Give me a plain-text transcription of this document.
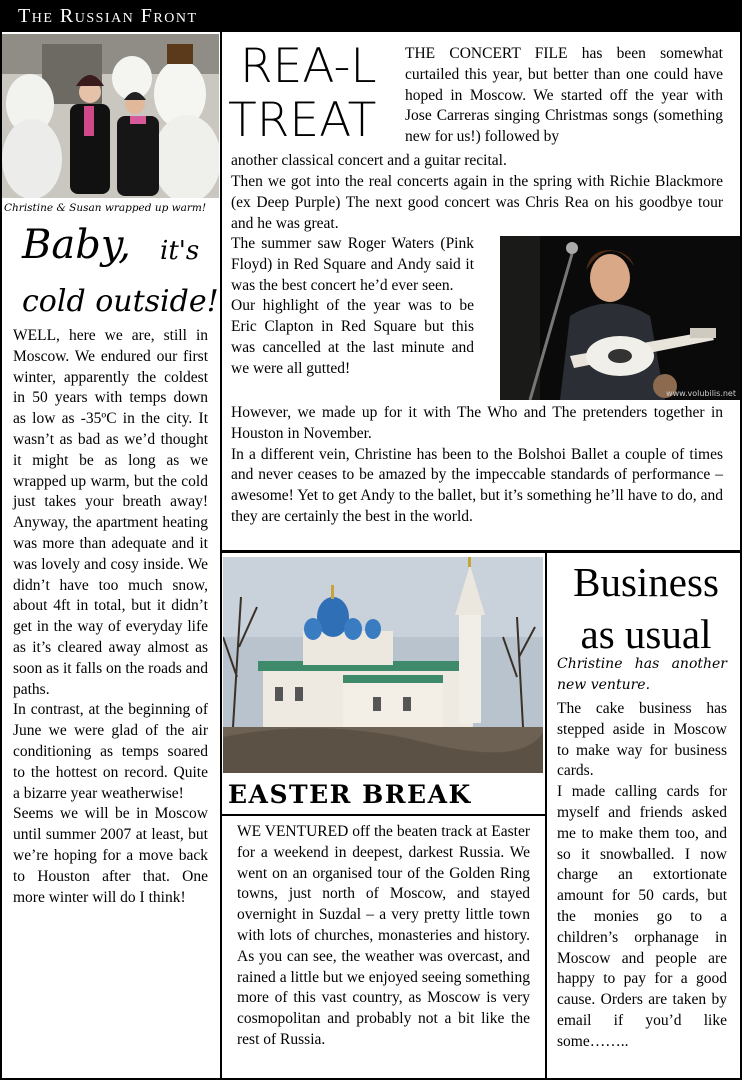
The Russian Front
Christine & Susan wrapped up warm!
Baby, it's
cold outside!

WELL, here we are, still in Moscow. We endured our first winter, apparently the coldest in 50 years with temps down as low as -35ºC in the city. It wasn’t as bad as we’d thought it might be as long as we wrapped up warm, but the cold just takes your breath away! Anyway, the apartment heating was more than adequate and it was lovely and cosy inside. We didn’t have too much snow, about 4ft in total, but it didn’t get in the way of everyday life as it’s cleared away almost as soon as it falls on the roads and paths.

In contrast, at the beginning of June we were glad of the air conditioning as temps soared to the hottest on record. Quite a bizarre year weatherwise!

Seems we will be in Moscow until summer 2007 at least, but we’re hoping for a move back to Houston after that. One more winter will do I think!

REA-L
TREAT
THE CONCERT FILE has been somewhat curtailed this year, but better than one could have hoped in Moscow. We started off the year with Jose Carreras singing Christmas songs (something new for us!) followed by
another classical concert and a guitar recital.
Then we got into the real concerts again in the spring with Richie Blackmore (ex Deep Purple) The next good concert was Chris Rea on his goodbye tour and he was great.

The summer saw Roger Waters (Pink Floyd) in Red Square and Andy said it was the best concert he’d ever seen.

Our highlight of the year was to be Eric Clapton in Red Square but this was cancelled at the last minute and we were all gutted!

www.volubilis.net

However, we made up for it with The Who and The pretenders together in Houston in November.

In a different vein, Christine has been to the Bolshoi Ballet a couple of times and never ceases to be amazed by the impeccable standards of performance – awesome! Yet to get Andy to the ballet, but it’s something he’ll have to do, and they are certainly the best in the world.

EASTER BREAK
WE VENTURED off the beaten track at Easter for a weekend in deepest, darkest Russia. We went on an organised tour of the Golden Ring towns, just north of Moscow, and stayed overnight in Suzdal – a very pretty little town with lots of churches, monasteries and history. As you can see, the weather was overcast, and rained a little but we enjoyed seeing something more of this vast country, as Moscow is very cosmopolitan and probably not a bit like the rest of Russia.
Business
as usual
Christine has another new venture.

The cake business has stepped aside in Moscow to make way for business cards.

I made calling cards for myself and friends asked me to make them too, and so it snowballed. I now charge an extortionate amount for 50 cards, but the monies go to a children’s orphanage in Moscow and people are happy to pay for a good cause. Orders are taken by email if you’d like some……..
